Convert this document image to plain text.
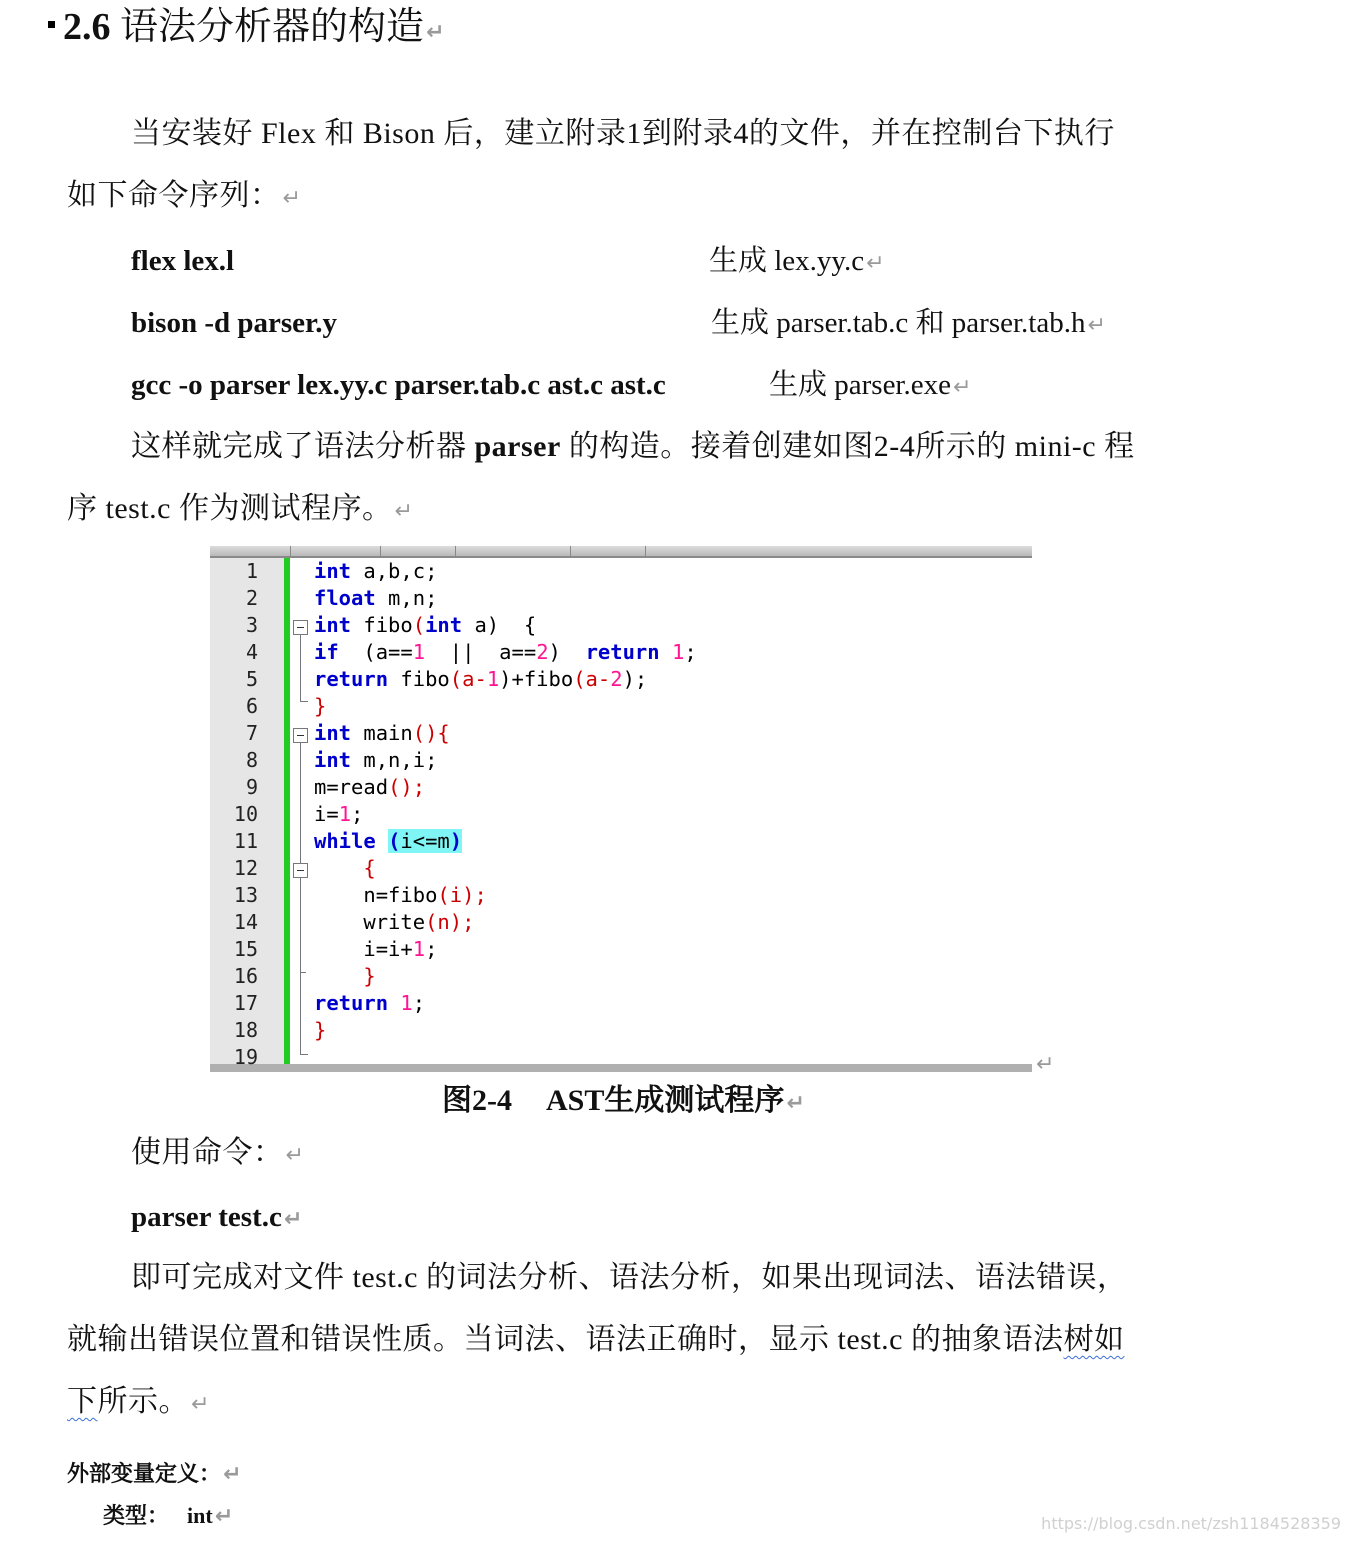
2.6 语法分析器的构造↵
当安装好 Flex 和 Bison 后，建立附录1到附录4的文件，并在控制台下执行
如下命令序列：↵
flex lex.l	生成 lex.yy.c↵
bison -d parser.y	生成 parser.tab.c 和 parser.tab.h↵
gcc -o parser lex.yy.c parser.tab.c ast.c ast.c	生成 parser.exe↵
这样就完成了语法分析器 parser 的构造。接着创建如图2-4所示的 mini-c 程
序 test.c 作为测试程序。↵
1
2
3
4
5
6
7
8
9
10
11
12
13
14
15
16
17
18
19
int a,b,c;
float m,n;
int fibo(int a)  {
if  (a==1  ||  a==2)  return 1;
return fibo(a-1)+fibo(a-2);
}
int main(){
int m,n,i;
m=read();
i=1;
while (i<=m)
{
n=fibo(i);
write(n);
i=i+1;
}
return 1;
}
↵
图2-4 AST生成测试程序↵
使用命令：↵
parser test.c↵
即可完成对文件 test.c 的词法分析、语法分析，如果出现词法、语法错误，
就输出错误位置和错误性质。当词法、语法正确时，显示 test.c 的抽象语法树如
下所示。↵
外部变量定义：↵
类型： int↵	https://blog.csdn.net/zsh1184528359
